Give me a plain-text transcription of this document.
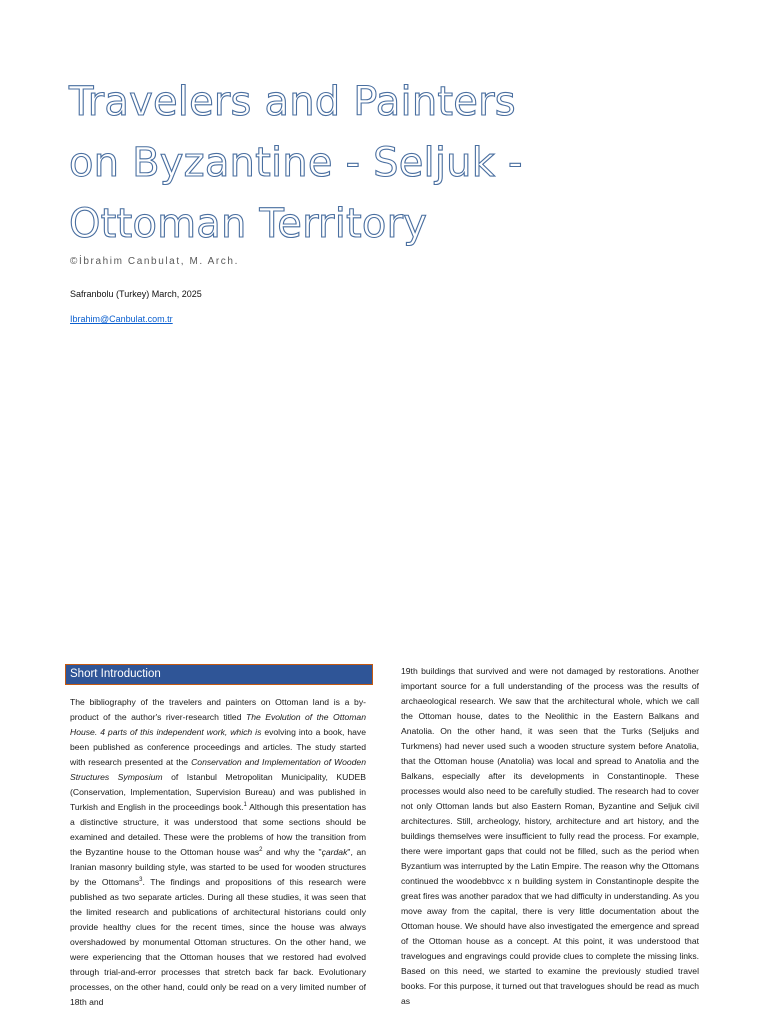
Travelers and Painters
on Byzantine - Seljuk -
Ottoman Territory
©İbrahim Canbulat, M. Arch.
Safranbolu (Turkey) March, 2025
Ibrahim@Canbulat.com.tr
Short Introduction

The bibliography of the travelers and painters on Ottoman land is a by-product of the author's river-research titled The Evolution of the Ottoman House. 4 parts of this independent work, which is evolving into a book, have been published as conference proceedings and articles. The study started with research presented at the Conservation and Implementation of Wooden Structures Symposium of Istanbul Metropolitan Municipality, KUDEB (Conservation, Implementation, Supervision Bureau) and was published in Turkish and English in the proceedings book.$^1$ Although this presentation has a distinctive structure, it was understood that some sections should be examined and detailed. These were the problems of how the transition from the Byzantine house to the Ottoman house was$^2$ and why the "çardak", an Iranian masonry building style, was started to be used for wooden structures by the Ottomans$^3$. The findings and propositions of this research were published as two separate articles. During all these studies, it was seen that the limited research and publications of architectural historians could only provide healthy clues for the recent times, since the house was always overshadowed by monumental Ottoman structures. On the other hand, we were experiencing that the Ottoman houses that we restored had evolved through trial-and-error processes that stretch back far back. Evolutionary processes, on the other hand, could only be read on a very limited number of 18th and

19th buildings that survived and were not damaged by restorations. Another important source for a full understanding of the process was the results of archaeological research. We saw that the architectural whole, which we call the Ottoman house, dates to the Neolithic in the Eastern Balkans and Anatolia. On the other hand, it was seen that the Turks (Seljuks and Turkmens) had never used such a wooden structure system before Anatolia, that the Ottoman house (Anatolia) was local and spread to Anatolia and the Balkans, especially after its developments in Constantinople. These processes would also need to be carefully studied. The research had to cover not only Ottoman lands but also Eastern Roman, Byzantine and Seljuk civil architectures. Still, archeology, history, architecture and art history, and the buildings themselves were insufficient to fully read the process. For example, there were important gaps that could not be filled, such as the period when Byzantium was interrupted by the Latin Empire. The reason why the Ottomans continued the woodebbvcc x n building system in Constantinople despite the great fires was another paradox that we had difficulty in understanding. As you move away from the capital, there is very little documentation about the Ottoman house. We should have also investigated the emergence and spread of the Ottoman house as a concept. At this point, it was understood that travelogues and engravings could provide clues to complete the missing links. Based on this need, we started to examine the previously studied travel books. For this purpose, it turned out that travelogues should be read as much as
